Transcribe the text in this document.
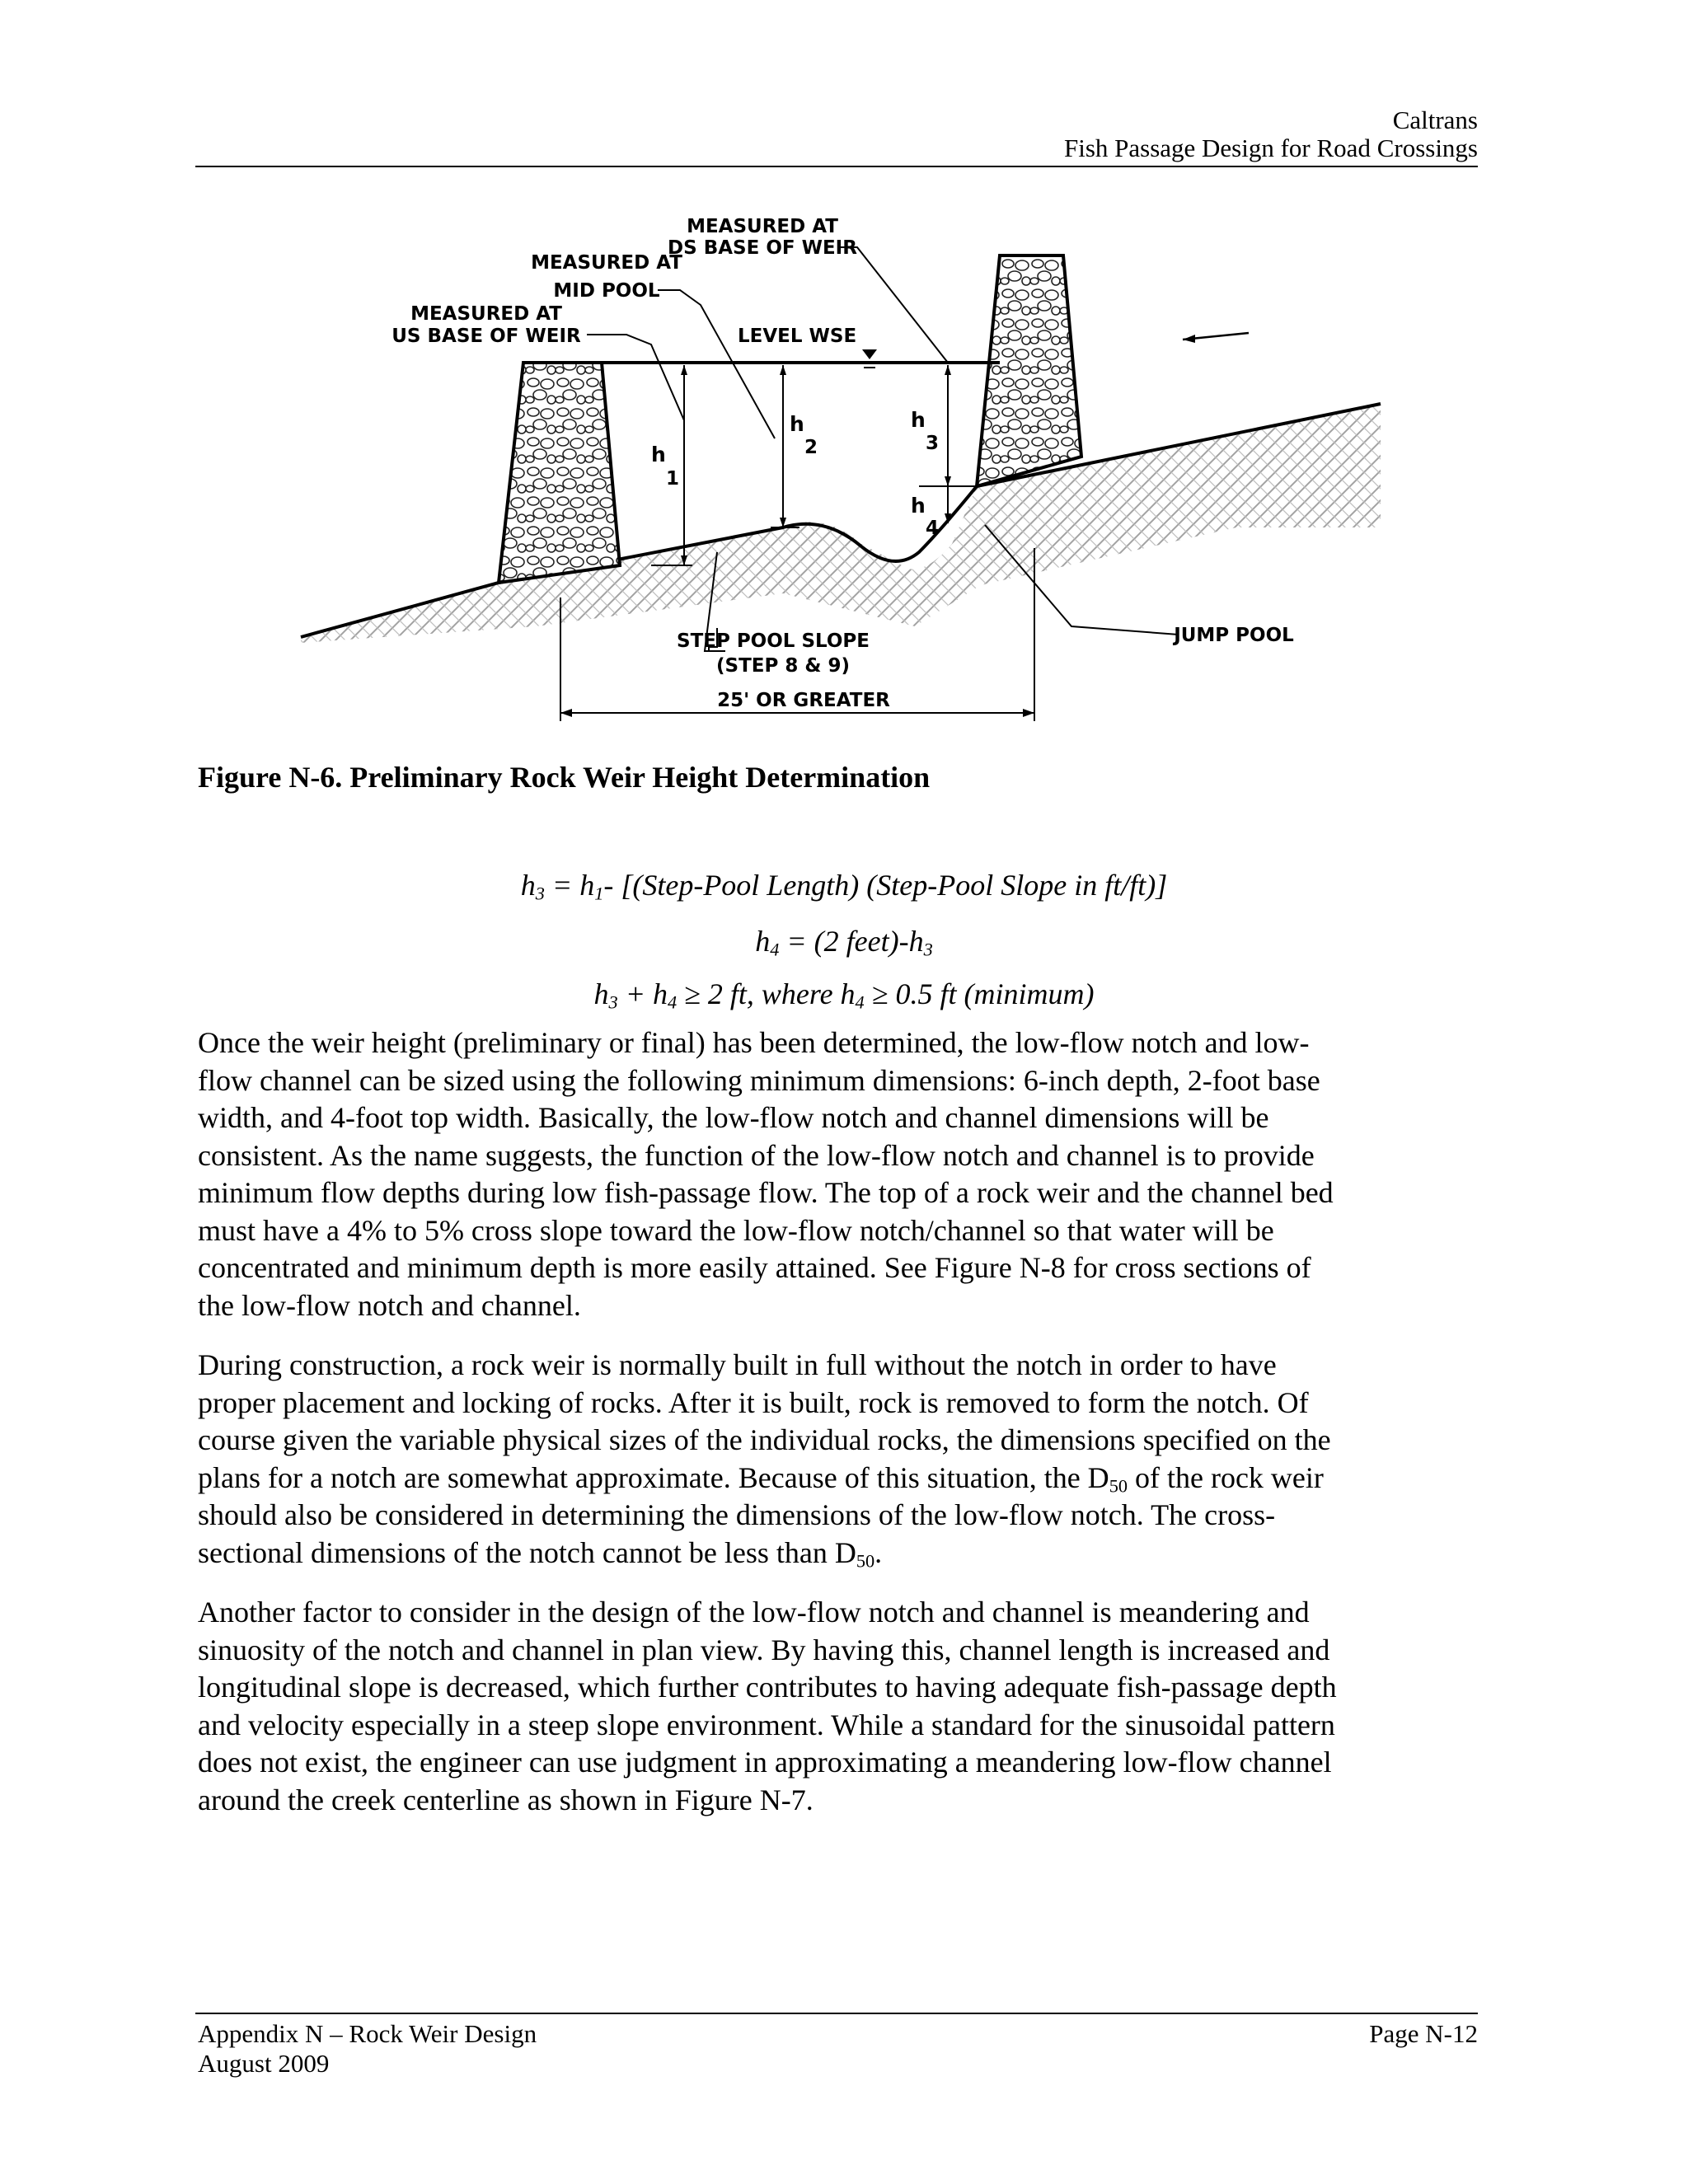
Caltrans
Fish Passage Design for Road Crossings
MEASURED AT
DS BASE OF WEIR
MEASURED AT
MID POOL
MEASURED AT
US BASE OF WEIR	LEVEL WSE
h
1
h
2
h
3
h
4
STEP POOL SLOPE
(STEP 8 & 9)
JUMP POOL
25' OR GREATER
Figure N-6. Preliminary Rock Weir Height Determination
$h_3 = h_1-$ [(Step-Pool Length) (Step-Pool Slope in ft/ft)]
$h_4 = (2$ $feet)-h_3$
$h_3 + h_4 \ge 2$ ft, where $h_4 \ge 0.5$ ft (minimum)

Once the weir height (preliminary or final) has been determined, the low-flow notch and low-

flow channel can be sized using the following minimum dimensions: 6-inch depth, 2-foot base

width, and 4-foot top width. Basically, the low-flow notch and channel dimensions will be

consistent. As the name suggests, the function of the low-flow notch and channel is to provide

minimum flow depths during low fish-passage flow. The top of a rock weir and the channel bed

must have a 4% to 5% cross slope toward the low-flow notch/channel so that water will be

concentrated and minimum depth is more easily attained. See Figure N-8 for cross sections of

the low-flow notch and channel.

During construction, a rock weir is normally built in full without the notch in order to have

proper placement and locking of rocks. After it is built, rock is removed to form the notch. Of

course given the variable physical sizes of the individual rocks, the dimensions specified on the

plans for a notch are somewhat approximate. Because of this situation, the $D_{50}$ of the rock weir

should also be considered in determining the dimensions of the low-flow notch. The cross-

sectional dimensions of the notch cannot be less than $D_{50}$.

Another factor to consider in the design of the low-flow notch and channel is meandering and

sinuosity of the notch and channel in plan view. By having this, channel length is increased and

longitudinal slope is decreased, which further contributes to having adequate fish-passage depth

and velocity especially in a steep slope environment. While a standard for the sinusoidal pattern

does not exist, the engineer can use judgment in approximating a meandering low-flow channel

around the creek centerline as shown in Figure N-7.

Appendix N – Rock Weir Design
August 2009
Page N-12
